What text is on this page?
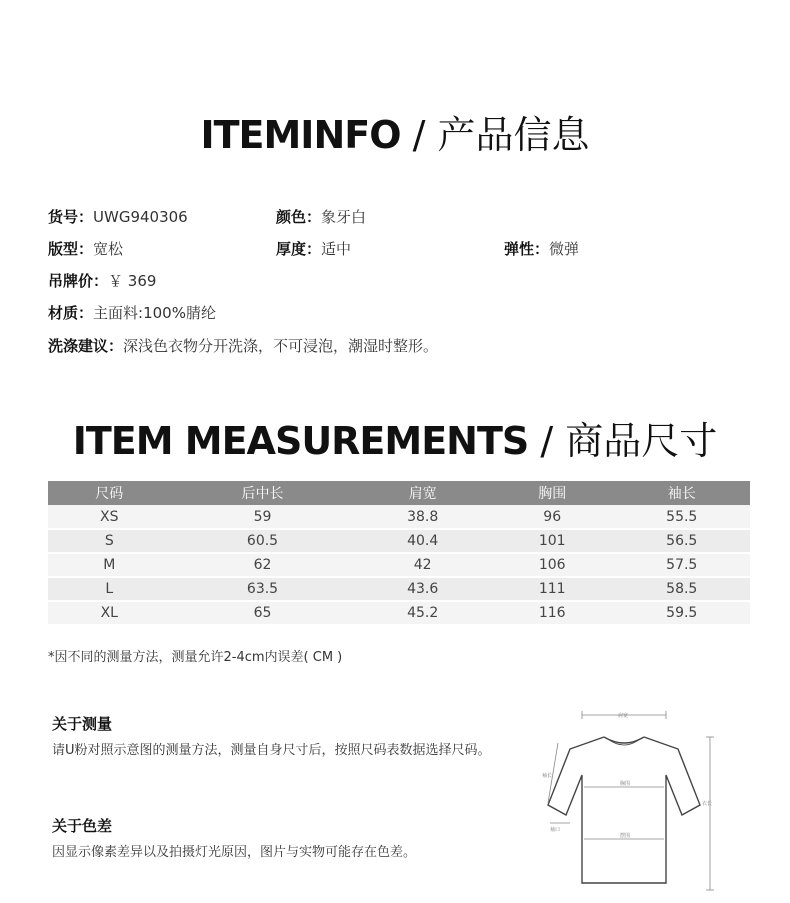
ITEMINFO / 产品信息
货号：UWG940306	颜色：象牙白
版型：宽松	厚度：适中	弹性：微弹
吊牌价：￥ 369
材质：主面料:100%腈纶
洗涤建议：深浅色衣物分开洗涤，不可浸泡，潮湿时整形。
ITEM MEASUREMENTS / 商品尺寸
尺码	后中长	肩宽	胸围	袖长
XS	59	38.8	96	55.5
S	60.5	40.4	101	56.5
M	62	42	106	57.5
L	63.5	43.6	111	58.5
XL	65	45.2	116	59.5
*因不同的测量方法，测量允许2-4cm内误差( CM )
关于测量
请U粉对照示意图的测量方法，测量自身尺寸后，按照尺码表数据选择尺码。
关于色差
因显示像素差异以及拍摄灯光原因，图片与实物可能存在色差。
肩宽
胸围
摆围
袖长
袖口
衣长
